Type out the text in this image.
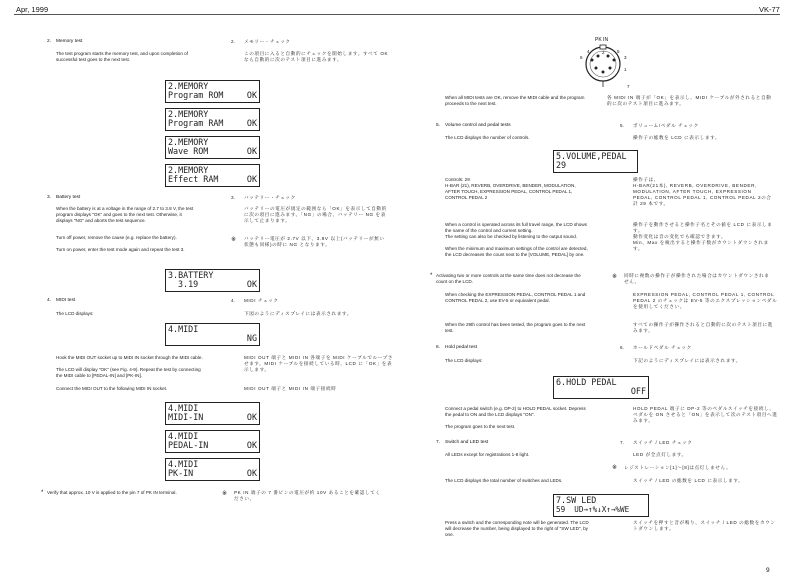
Apr, 1999	VK-77
2. Memory test
The test program starts the memory test, and upon completion of successful test goes to the next test.
2． メモリー・チェック
この項目に入ると自動的にチェックを開始します。すべて OK なら自動的に次のテスト項目に進みます。
2.MEMORY
Program ROM	OK
2.MEMORY
Program RAM	OK
2.MEMORY
Wave ROM	OK
2.MEMORY
Effect RAM	OK
3. Battery test
When the battery is at a voltage in the range of 2.7 to 3.8 V, the test program displays "OK" and goes to the next test. Otherwise, it displays "NG" and aborts the test sequence.
Turn off power, remove the cause (e.g. replace the battery).
Turn on power, enter the test mode again and repeat the test 3.
3． バッテリー・チェック
バッテリーの電圧が規定の範囲なら「OK」を表示して自動的に次の項目に進みます。「NG」の場合、バッテリー NG を表示して止まります。
※ バッテリー電圧が 2.7V 以下、3.8V 以上(バッテリーが無い状態も同様)の時に NG となります。
3.BATTERY
3.19	OK
4. MIDI test
The LCD displays:
4． MIDI チェック
下図のようにディスプレイには表示されます。
4.MIDI
NG
Hook the MIDI OUT socket up to MIDI IN socket through the MIDI cable.
The LCD will display "OK" (see Fig. 4-9). Repeat the test by connecting the MIDI cable to [PEDAL-IN] and [PK-IN].
Connect the MIDI OUT to the following MIDI IN socket.
MIDI OUT 端子と MIDI IN 各端子を MIDI ケーブルでループさせます。MIDI ケーブルを接続している時、LCD に「OK」を表示します。
MIDI OUT 端子と MIDI IN 端子接続時
4.MIDI
MIDI-IN	OK
4.MIDI
PEDAL-IN	OK
4.MIDI
PK-IN	OK
* Verify that approx. 10 V is applied to the pin 7 of PK IN terminal.	※ PK IN 端子の 7 番ピンの電圧が約 10V あることを確認してください。
PK IN
6
4	2	5
3
1
7
When all MIDI tests are OK, remove the MIDI cable and the program proceeds to the next test.
各 MIDI IN 端子が「OK」を表示し、MIDI ケーブルが外されると自動的に次のテスト項目に進みます。
5. Volume control and pedal tests
The LCD displays the number of controls.
5． ボリューム/ペダル チェック
操作子の総数を LCD に表示します。
5.VOLUME,PEDAL
29
Controls: 29
H-BAR (21), REVERB, OVERDRIVE, BENDER, MODULATION, AFTER TOUCH, EXPRESSION PEDAL, CONTROL PEDAL 1, CONTROL PEDAL 2
操作子は、
H-BAR(21本), REVERB, OVERDRIVE, BENDER, MODULATION, AFTER TOUCH, EXPRESSION PEDAL, CONTROL PEDAL 1, CONTROL PEDAL 2の合計 29 本です。
When a control is operated across its full travel range, the LCD shows the name of the control and current setting.
The setting can also be checked by listening to the output sound.
When the minimum and maximum settings of the control are detected, the LCD decreases the count next to the [VOLUME, PEDAL] by one.
操作子を動作させると操作子名とその値を LCD に表示します。
動作変化は音の変化でも確認できます。
Min、Max を検出すると操作子数がカウントダウンされます。
* Activating two or more controls at the same time does not decrease the count on the LCD.
※ 同時に複数の操作子が操作された場合はカウントダウンされません。
When checking the EXPRESSION PEDAL, CONTROL PEDAL 1 and CONTROL PEDAL 2, use EV-5 or equivalent pedal.
EXPRESSION PEDAL, CONTROL PEDAL 1, CONTROL PEDAL 2 のチェックは EV-5 等のエクスプレッションペダルを使用してください。
When the 29th control has been tested, the program goes to the next test.
すべての操作子が操作されると自動的に次のテスト項目に進みます。
6. Hold pedal test
The LCD displays:
6． ホールドペダル チェック
下記のようにディスプレイには表示されます。
6.HOLD PEDAL
OFF
Connect a pedal switch (e.g. DP-2) to HOLD PEDAL socket. Depress the pedal to ON and the LCD displays "ON".
The program goes to the next test.
HOLD PEDAL 端子に DP-2 等のペダルスイッチを接続し、ペダルを ON させると「ON」を表示して次のテスト項目へ進みます。
7. Switch and LED test
All LEDs except for registrations 1-8 light.
7． スイッチ / LED チェック
LED が全点灯します。
※ レジストレーション[1]〜[8]は点灯しません。
The LCD displays the total number of switches and LEDs.	スイッチ / LED の総数を LCD に表示します。
7.SW LED
59  UD→↑%↓X↑→%WE
Press a switch and the corresponding note will be generated. The LCD will decrease the number, being displayed to the right of "SW LED", by one.
スイッチを押すと音が鳴り、スイッチ / LED の総数をカウントダウンします。
9
